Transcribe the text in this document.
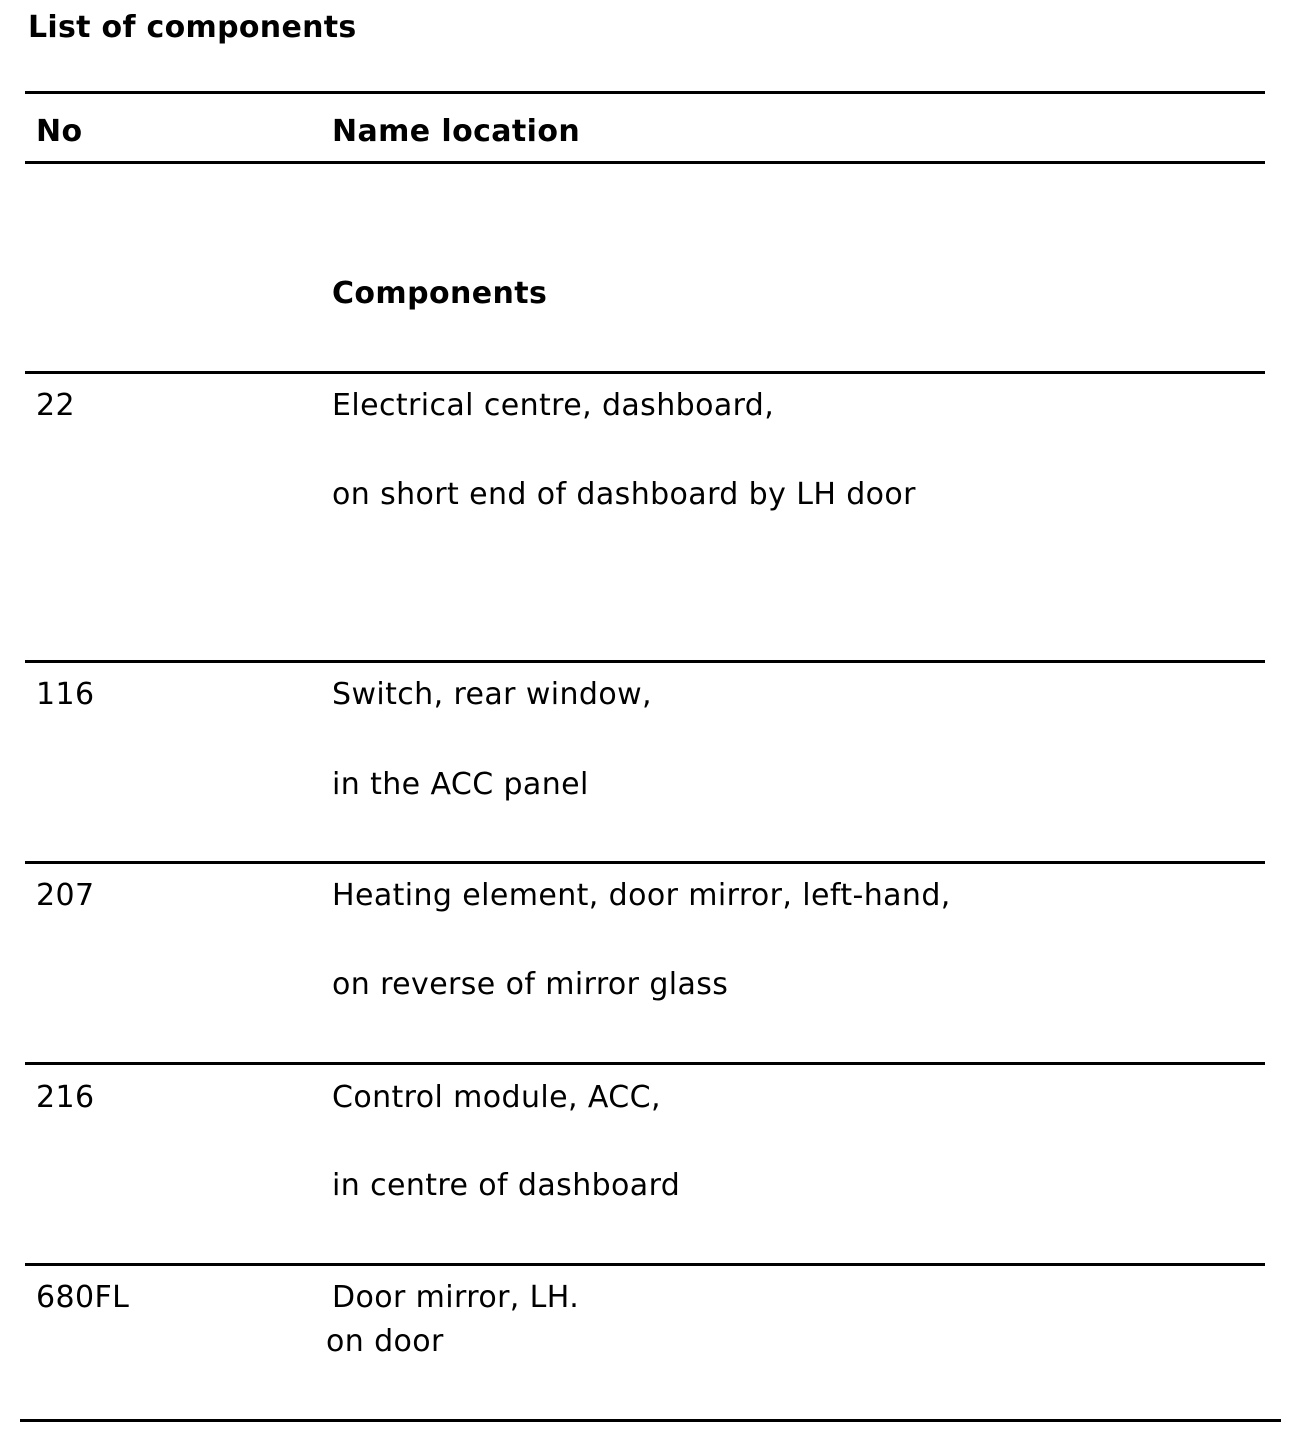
List of components
No	Name location
Components
22	Electrical centre, dashboard,
on short end of dashboard by LH door
116	Switch, rear window,
in the ACC panel
207	Heating element, door mirror, left-hand,
on reverse of mirror glass
216	Control module, ACC,
in centre of dashboard
680FL	Door mirror, LH.
on door
